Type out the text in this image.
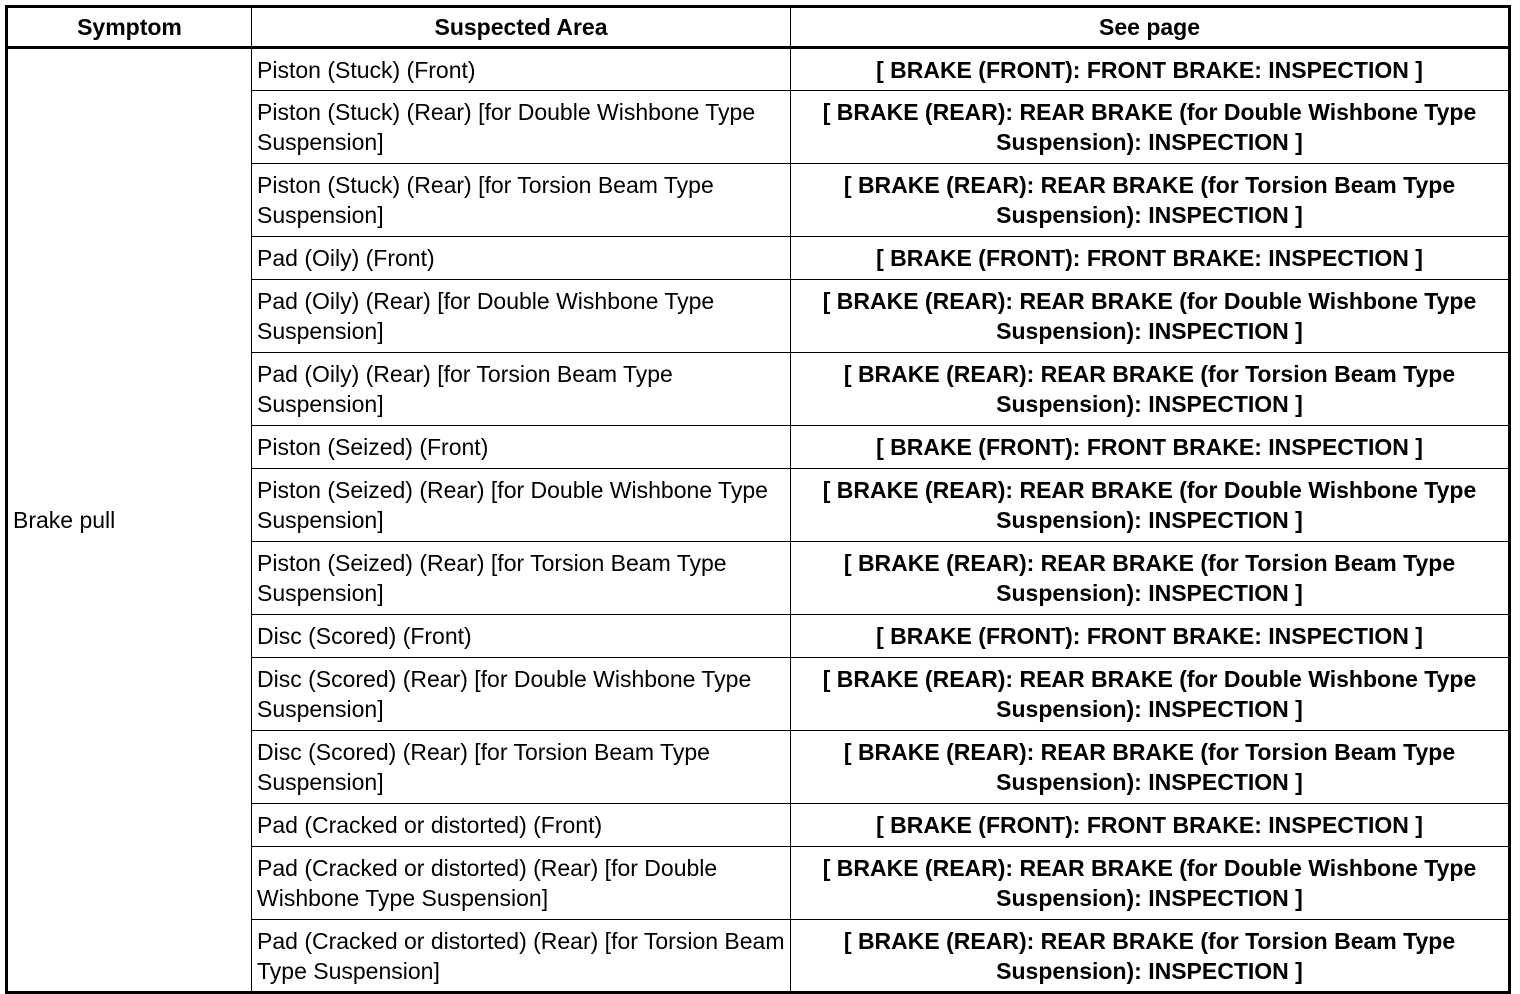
Symptom	Suspected Area	See page
Brake pull	Piston (Stuck) (Front)	[ BRAKE (FRONT): FRONT BRAKE: INSPECTION ]
	Piston (Stuck) (Rear) [for Double Wishbone Type Suspension]	[ BRAKE (REAR): REAR BRAKE (for Double Wishbone Type Suspension): INSPECTION ]
	Piston (Stuck) (Rear) [for Torsion Beam Type Suspension]	[ BRAKE (REAR): REAR BRAKE (for Torsion Beam Type Suspension): INSPECTION ]
	Pad (Oily) (Front)	[ BRAKE (FRONT): FRONT BRAKE: INSPECTION ]
	Pad (Oily) (Rear) [for Double Wishbone Type Suspension]	[ BRAKE (REAR): REAR BRAKE (for Double Wishbone Type Suspension): INSPECTION ]
	Pad (Oily) (Rear) [for Torsion Beam Type Suspension]	[ BRAKE (REAR): REAR BRAKE (for Torsion Beam Type Suspension): INSPECTION ]
	Piston (Seized) (Front)	[ BRAKE (FRONT): FRONT BRAKE: INSPECTION ]
	Piston (Seized) (Rear) [for Double Wishbone Type Suspension]	[ BRAKE (REAR): REAR BRAKE (for Double Wishbone Type Suspension): INSPECTION ]
	Piston (Seized) (Rear) [for Torsion Beam Type Suspension]	[ BRAKE (REAR): REAR BRAKE (for Torsion Beam Type Suspension): INSPECTION ]
	Disc (Scored) (Front)	[ BRAKE (FRONT): FRONT BRAKE: INSPECTION ]
	Disc (Scored) (Rear) [for Double Wishbone Type Suspension]	[ BRAKE (REAR): REAR BRAKE (for Double Wishbone Type Suspension): INSPECTION ]
	Disc (Scored) (Rear) [for Torsion Beam Type Suspension]	[ BRAKE (REAR): REAR BRAKE (for Torsion Beam Type Suspension): INSPECTION ]
	Pad (Cracked or distorted) (Front)	[ BRAKE (FRONT): FRONT BRAKE: INSPECTION ]
	Pad (Cracked or distorted) (Rear) [for Double Wishbone Type Suspension]	[ BRAKE (REAR): REAR BRAKE (for Double Wishbone Type Suspension): INSPECTION ]
	Pad (Cracked or distorted) (Rear) [for Torsion Beam Type Suspension]	[ BRAKE (REAR): REAR BRAKE (for Torsion Beam Type Suspension): INSPECTION ]
